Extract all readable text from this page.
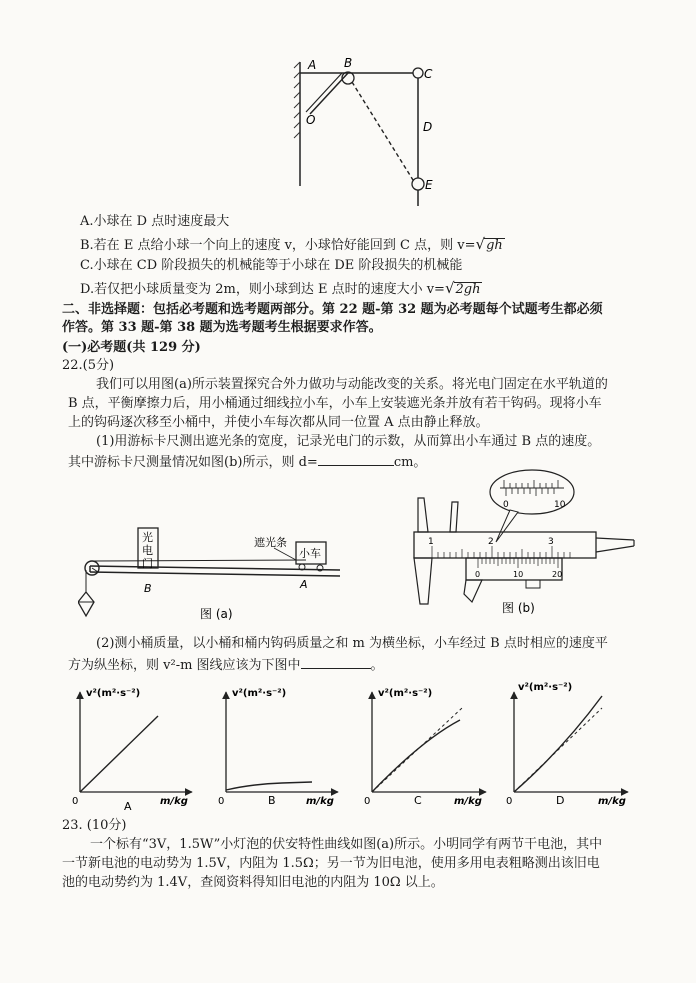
A B
O
C
D
E
A.小球在 D 点时速度最大
B.若在 E 点给小球一个向上的速度 v，小球恰好能回到 C 点，则 v=√gh
C.小球在 CD 阶段损失的机械能等于小球在 DE 阶段损失的机械能
D.若仅把小球质量变为 2m，则小球到达 E 点时的速度大小 v=√2gh
二、非选择题：包括必考题和选考题两部分。第 22 题-第 32 题为必考题每个试题考生都必须
作答。第 33 题-第 38 题为选考题考生根据要求作答。
(一)必考题(共 129 分)
22.(5分)
我们可以用图(a)所示装置探究合外力做功与动能改变的关系。将光电门固定在水平轨道的
B 点，平衡摩擦力后，用小桶通过细线拉小车，小车上安装遮光条并放有若干钩码。现将小车
上的钩码逐次移至小桶中，并使小车每次都从同一位置 A 点由静止释放。
(1)用游标卡尺测出遮光条的宽度，记录光电门的示数，从而算出小车通过 B 点的速度。
其中游标卡尺测量情况如图(b)所示，则 d=	cm。
光
电
门
B
遮光条
小车
A
图 (a)
0	10
1	2	3
0	10	20
图 (b)
(2)测小桶质量，以小桶和桶内钩码质量之和 m 为横坐标，小车经过 B 点时相应的速度平
方为纵坐标，则 v²-m 图线应该为下图中	。
v²(m²·s⁻²)
m/kg
0	A
v²(m²·s⁻²)
m/kg
0	B
v²(m²·s⁻²)
m/kg
0	C
v²(m²·s⁻²)
m/kg
0	D
23. (10分)
一个标有“3V，1.5W”小灯泡的伏安特性曲线如图(a)所示。小明同学有两节干电池，其中
一节新电池的电动势为 1.5V，内阻为 1.5Ω；另一节为旧电池，使用多用电表粗略测出该旧电
池的电动势约为 1.4V，查阅资料得知旧电池的内阻为 10Ω 以上。
